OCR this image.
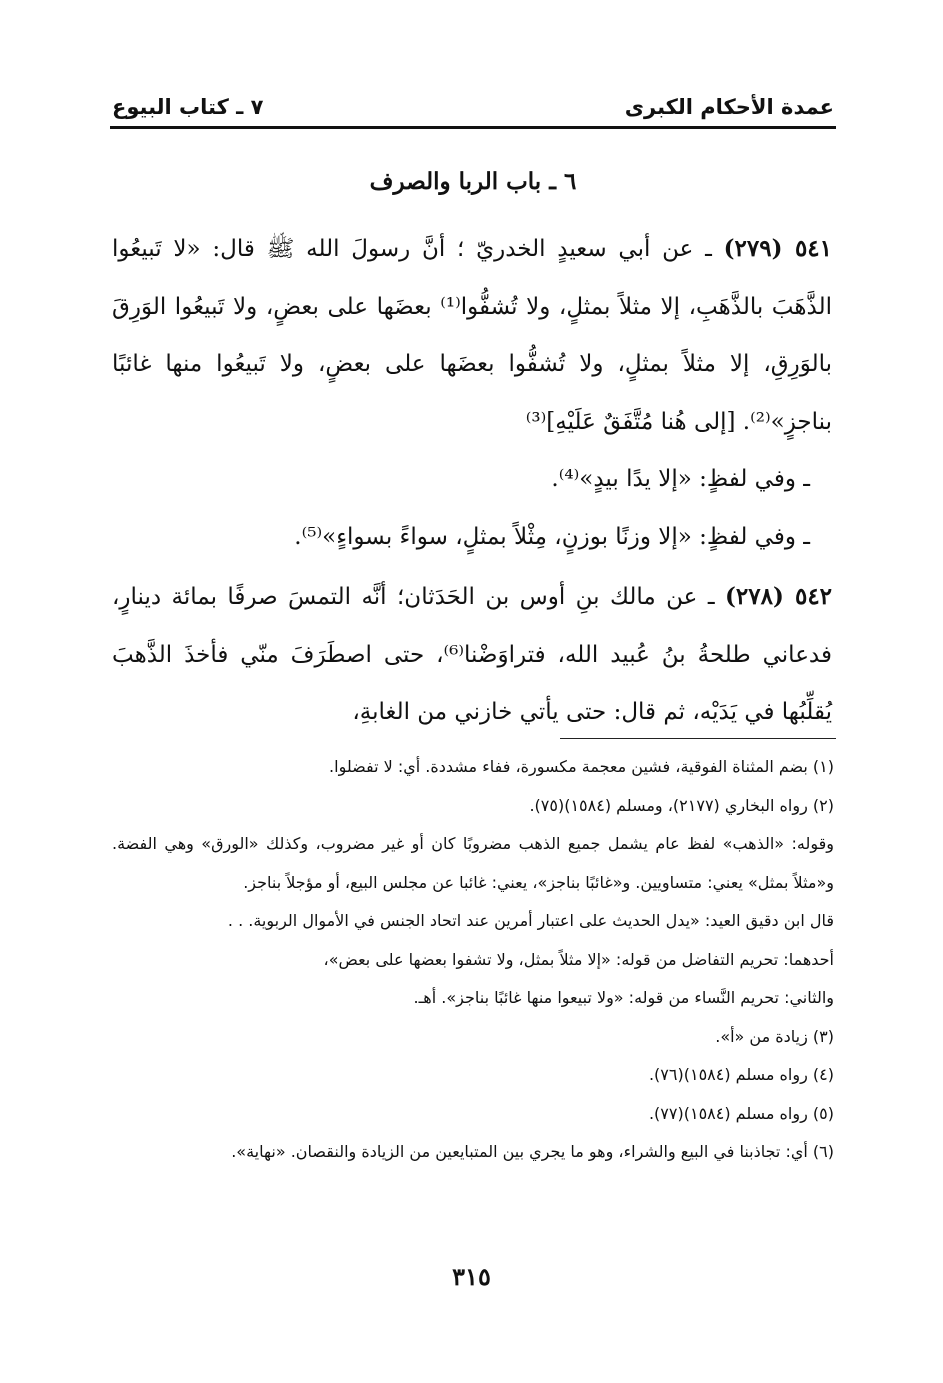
عمدة الأحكام الكبرى
٧ ـ كتاب البيوع
٦ ـ باب الربا والصرف

٥٤١ (٢٧٩) ـ عن أبي سعيدٍ الخدريّ ؛ أنَّ رسولَ الله ﷺ قال: «لا تَبيعُوا الذَّهَبَ بالذَّهَبِ، إلا مثلاً بمثلٍ، ولا تُشفُّوا⁽¹⁾ بعضَها على بعضٍ، ولا تَبيعُوا الوَرِقَ بالوَرِقِ، إلا مثلاً بمثلٍ، ولا تُشفُّوا بعضَها على بعضٍ، ولا تَبيعُوا منها غائبًا بناجزٍ»⁽²⁾. [إلى هُنا مُتَّفَقٌ عَلَيْهِ]⁽³⁾

ـ وفي لفظٍ: «إلا يدًا بيدٍ»⁽⁴⁾.

ـ وفي لفظٍ: «إلا وزنًا بوزنٍ، مِثْلاً بمثلٍ، سواءً بسواءٍ»⁽⁵⁾.

٥٤٢ (٢٧٨) ـ عن مالك بنِ أوس بن الحَدَثان؛ أنَّه التمسَ صرفًا بمائة دينارٍ، فدعاني طلحةُ بنُ عُبيد الله، فتراوَضْنا⁽⁶⁾، حتى اصطَرَفَ منّي فأخذَ الذَّهبَ يُقلِّبُها في يَدَيْه، ثم قال: حتى يأتي خازني من الغابةِ،

(١) بضم المثناة الفوقية، فشين معجمة مكسورة، ففاء مشددة. أي: لا تفضلوا.

(٢) رواه البخاري (٢١٧٧)، ومسلم (١٥٨٤)(٧٥).

وقوله: «الذهب» لفظ عام يشمل جميع الذهب مضروبًا كان أو غير مضروب، وكذلك «الورق» وهي الفضة. و«مثلاً بمثل» يعني: متساويين. و«غائبًا بناجز»، يعني: غائبا عن مجلس البيع، أو مؤجلاً بناجز.

قال ابن دقيق العيد: «يدل الحديث على اعتبار أمرين عند اتحاد الجنس في الأموال الربوية. . .

أحدهما: تحريم التفاضل من قوله: «إلا مثلاً بمثل، ولا تشفوا بعضها على بعض»،

والثاني: تحريم النَّساء من قوله: «ولا تبيعوا منها غائبًا بناجز». أهـ.

(٣) زيادة من «أ».

(٤) رواه مسلم (١٥٨٤)(٧٦).

(٥) رواه مسلم (١٥٨٤)(٧٧).

(٦) أي: تجاذبنا في البيع والشراء، وهو ما يجري بين المتبايعين من الزيادة والنقصان. «نهاية».

٣١٥
